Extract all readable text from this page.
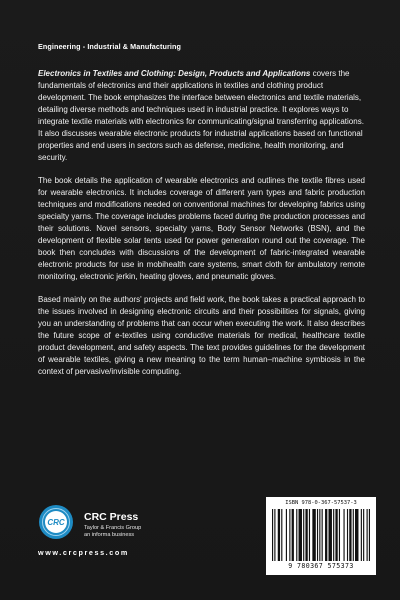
Engineering - Industrial & Manufacturing

Electronics in Textiles and Clothing: Design, Products and Applications covers the fundamentals of electronics and their applications in textiles and clothing product development. The book emphasizes the interface between electronics and textile materials, detailing diverse methods and techniques used in industrial practice. It explores ways to integrate textile materials with electronics for communicating/signal transferring applications. It also discusses wearable electronic products for industrial applications based on functional properties and end users in sectors such as defense, medicine, health monitoring, and security.

The book details the application of wearable electronics and outlines the textile fibres used for wearable electronics. It includes coverage of different yarn types and fabric production techniques and modifications needed on conventional machines for developing fabrics using specialty yarns. The coverage includes problems faced during the production processes and their solutions. Novel sensors, specialty yarns, Body Sensor Networks (BSN), and the development of flexible solar tents used for power generation round out the coverage. The book then concludes with discussions of the development of fabric-integrated wearable electronic products for use in mobihealth care systems, smart cloth for ambulatory remote monitoring, electronic jerkin, heating gloves, and pneumatic gloves.

Based mainly on the authors' projects and field work, the book takes a practical approach to the issues involved in designing electronic circuits and their possibilities for signals, giving you an understanding of problems that can occur when executing the work. It also describes the future scope of e-textiles using conductive materials for medical, healthcare textile product development, and safety aspects. The text provides guidelines for the development of wearable textiles, giving a new meaning to the term human–machine symbiosis in the context of pervasive/invisible computing.

CRC CRC Press
Taylor & Francis Group
an informa business
www.crcpress.com
ISBN 978-0-367-57537-3
9 780367 575373
